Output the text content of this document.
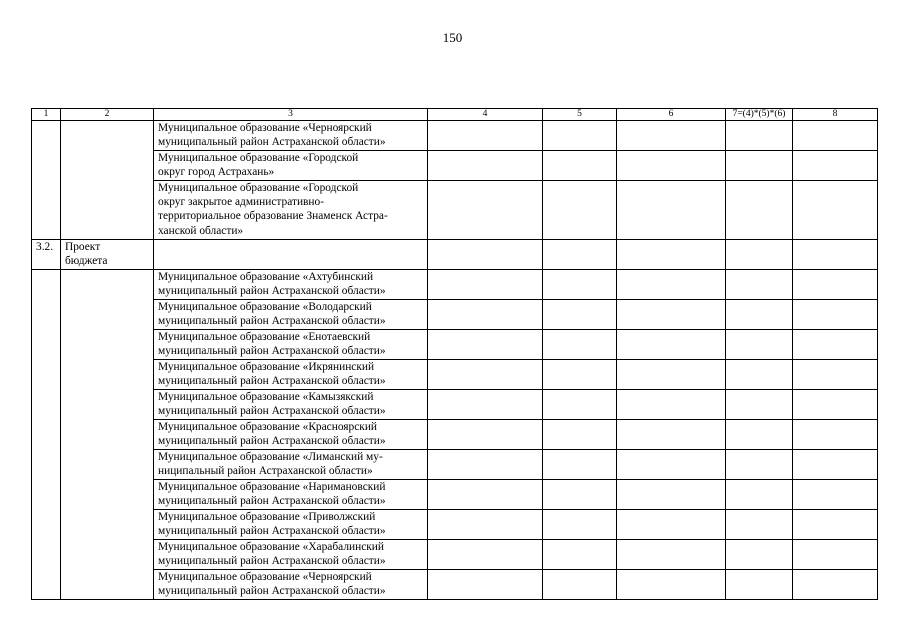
150
1	2	3	4	5	6	7=(4)*(5)*(6)	8
		Муниципальное образование «Черноярский
муниципальный район Астраханской области»					
		Муниципальное образование «Городской
округ город Астрахань»					
		Муниципальное образование «Городской
округ закрытое административно-
территориальное образование Знаменск Астра-
ханской области»					
3.2.	Проект
бюджета						
		Муниципальное образование «Ахтубинский
муниципальный район Астраханской области»					
		Муниципальное образование «Володарский
муниципальный район Астраханской области»					
		Муниципальное образование «Енотаевский
муниципальный район Астраханской области»					
		Муниципальное образование «Икрянинский
муниципальный район Астраханской области»					
		Муниципальное образование «Камызякский
муниципальный район Астраханской области»					
		Муниципальное образование «Красноярский
муниципальный район Астраханской области»					
		Муниципальное образование «Лиманский му-
ниципальный район Астраханской области»					
		Муниципальное образование «Наримановский
муниципальный район Астраханской области»					
		Муниципальное образование «Приволжский
муниципальный район Астраханской области»					
		Муниципальное образование «Харабалинский
муниципальный район Астраханской области»					
		Муниципальное образование «Черноярский
муниципальный район Астраханской области»					
